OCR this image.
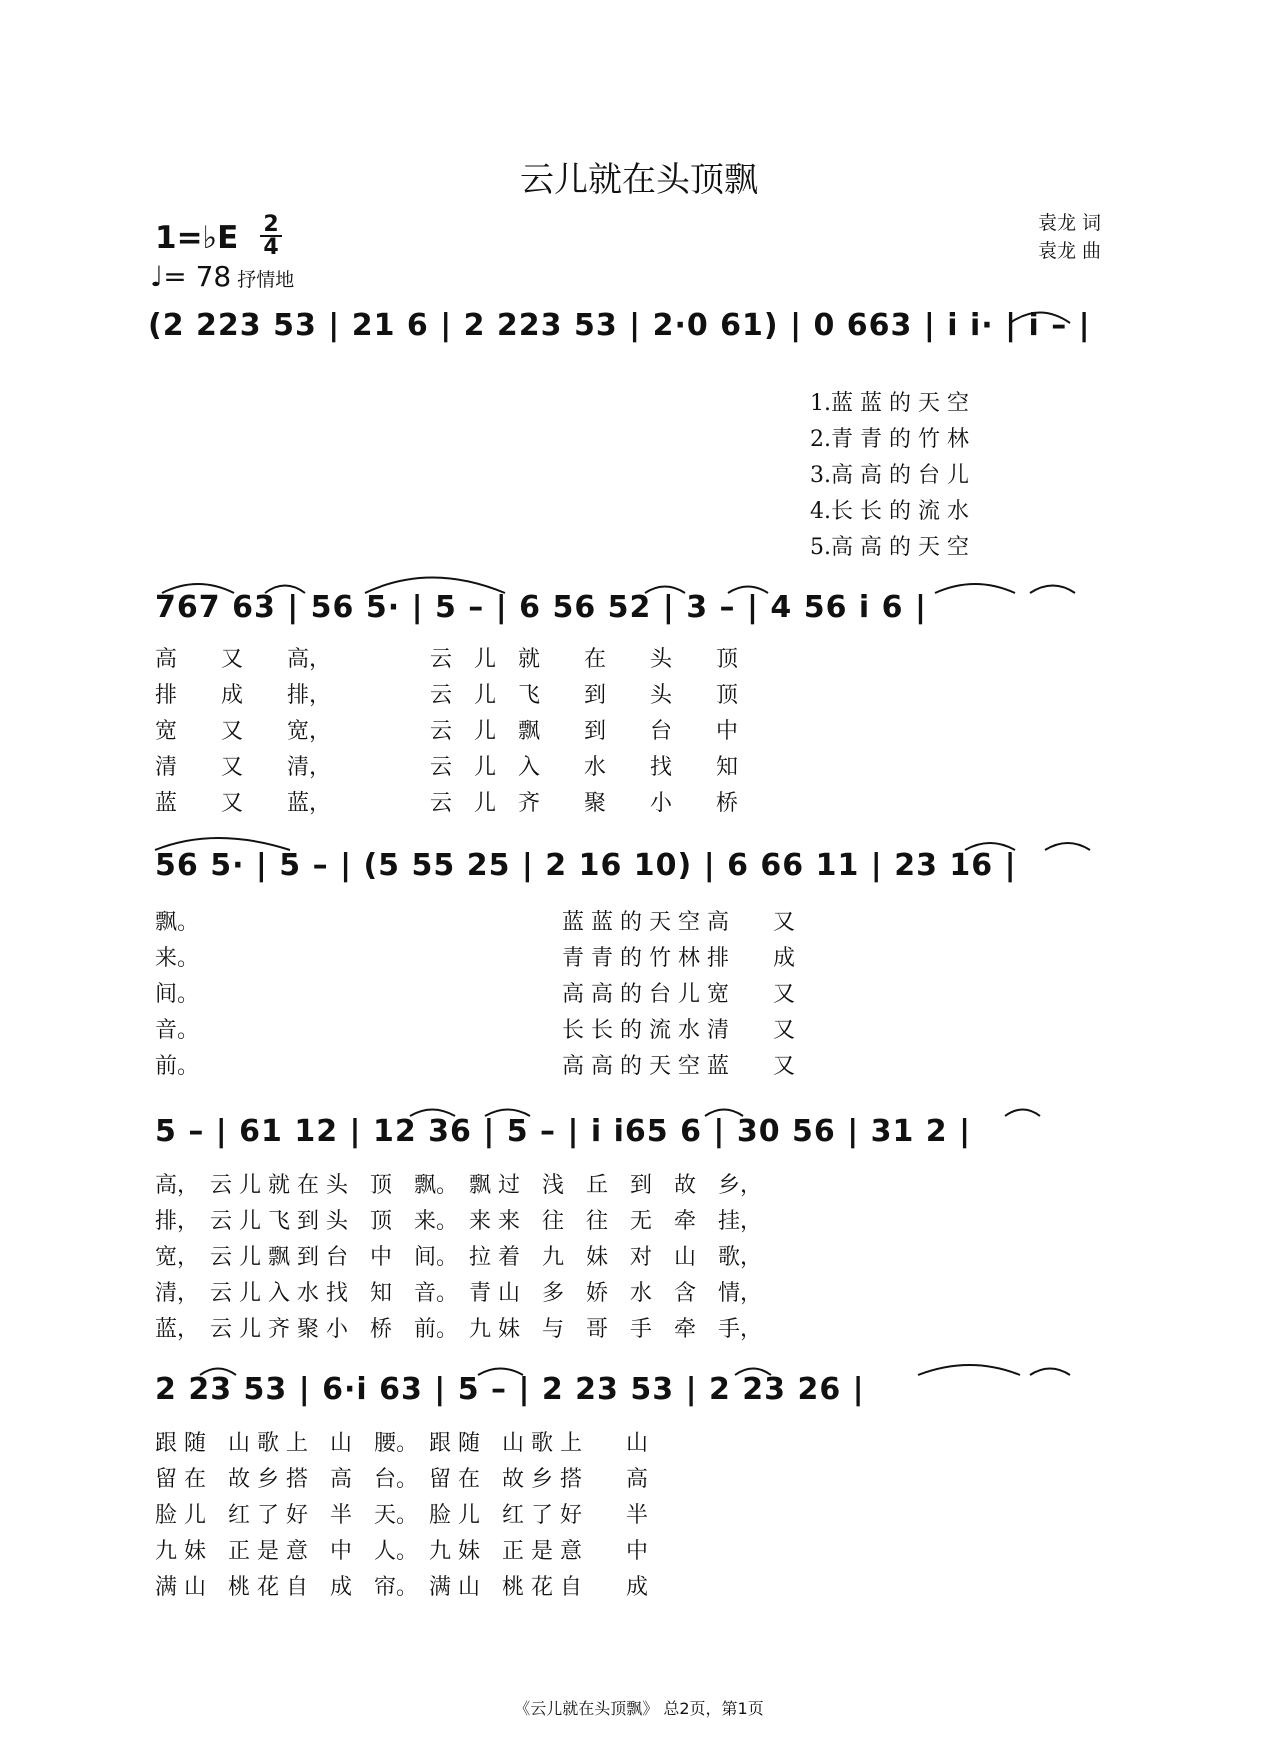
云儿就在头顶飘
1=♭E 2
4
♩= 78 抒情地
袁龙 词
袁龙 曲
(2 223 53 | 21 6 | 2 223 53 | 2·0 61) | 0 663 | i i· | i – |
1.蓝 蓝 的 天 空
2.青 青 的 竹 林
3.高 高 的 台 儿
4.长 长 的 流 水
5.高 高 的 天 空
767 63 | 56 5· | 5 – | 6 56 52 | 3 – | 4 56 i 6 |
高　　又　　高，　　　　　云　儿　就　　在　　头　　顶
排　　成　　排，　　　　　云　儿　飞　　到　　头　　顶
宽　　又　　宽，　　　　　云　儿　飘　　到　　台　　中
清　　又　　清，　　　　　云　儿　入　　水　　找　　知
蓝　　又　　蓝，　　　　　云　儿　齐　　聚　　小　　桥
56 5· | 5 – | (5 55 25 | 2 16 10) | 6 66 11 | 23 16 |
飘。　　　　　　　　　　　　　　　　　蓝 蓝 的 天 空 高　　又
来。　　　　　　　　　　　　　　　　　青 青 的 竹 林 排　　成
间。　　　　　　　　　　　　　　　　　高 高 的 台 儿 宽　　又
音。　　　　　　　　　　　　　　　　　长 长 的 流 水 清　　又
前。　　　　　　　　　　　　　　　　　高 高 的 天 空 蓝　　又
5 – | 61 12 | 12 36 | 5 – | i i65 6 | 30 56 | 31 2 |
高，　云 儿 就 在 头　顶　飘。　飘 过　浅　丘　到　故　乡，
排，　云 儿 飞 到 头　顶　来。　来 来　往　往　无　牵　挂，
宽，　云 儿 飘 到 台　中　间。　拉 着　九　妹　对　山　歌，
清，　云 儿 入 水 找　知　音。　青 山　多　娇　水　含　情，
蓝，　云 儿 齐 聚 小　桥　前。　九 妹　与　哥　手　牵　手，
2 23 53 | 6·i 63 | 5 – | 2 23 53 | 2 23 26 |
跟 随　山 歌 上　山　腰。　跟 随　山 歌 上　　山
留 在　故 乡 搭　高　台。　留 在　故 乡 搭　　高
脸 儿　红 了 好　半　天。　脸 儿　红 了 好　　半
九 妹　正 是 意　中　人。　九 妹　正 是 意　　中
满 山　桃 花 自　成　帘。　满 山　桃 花 自　　成
《云儿就在头顶飘》 总2页，第1页
